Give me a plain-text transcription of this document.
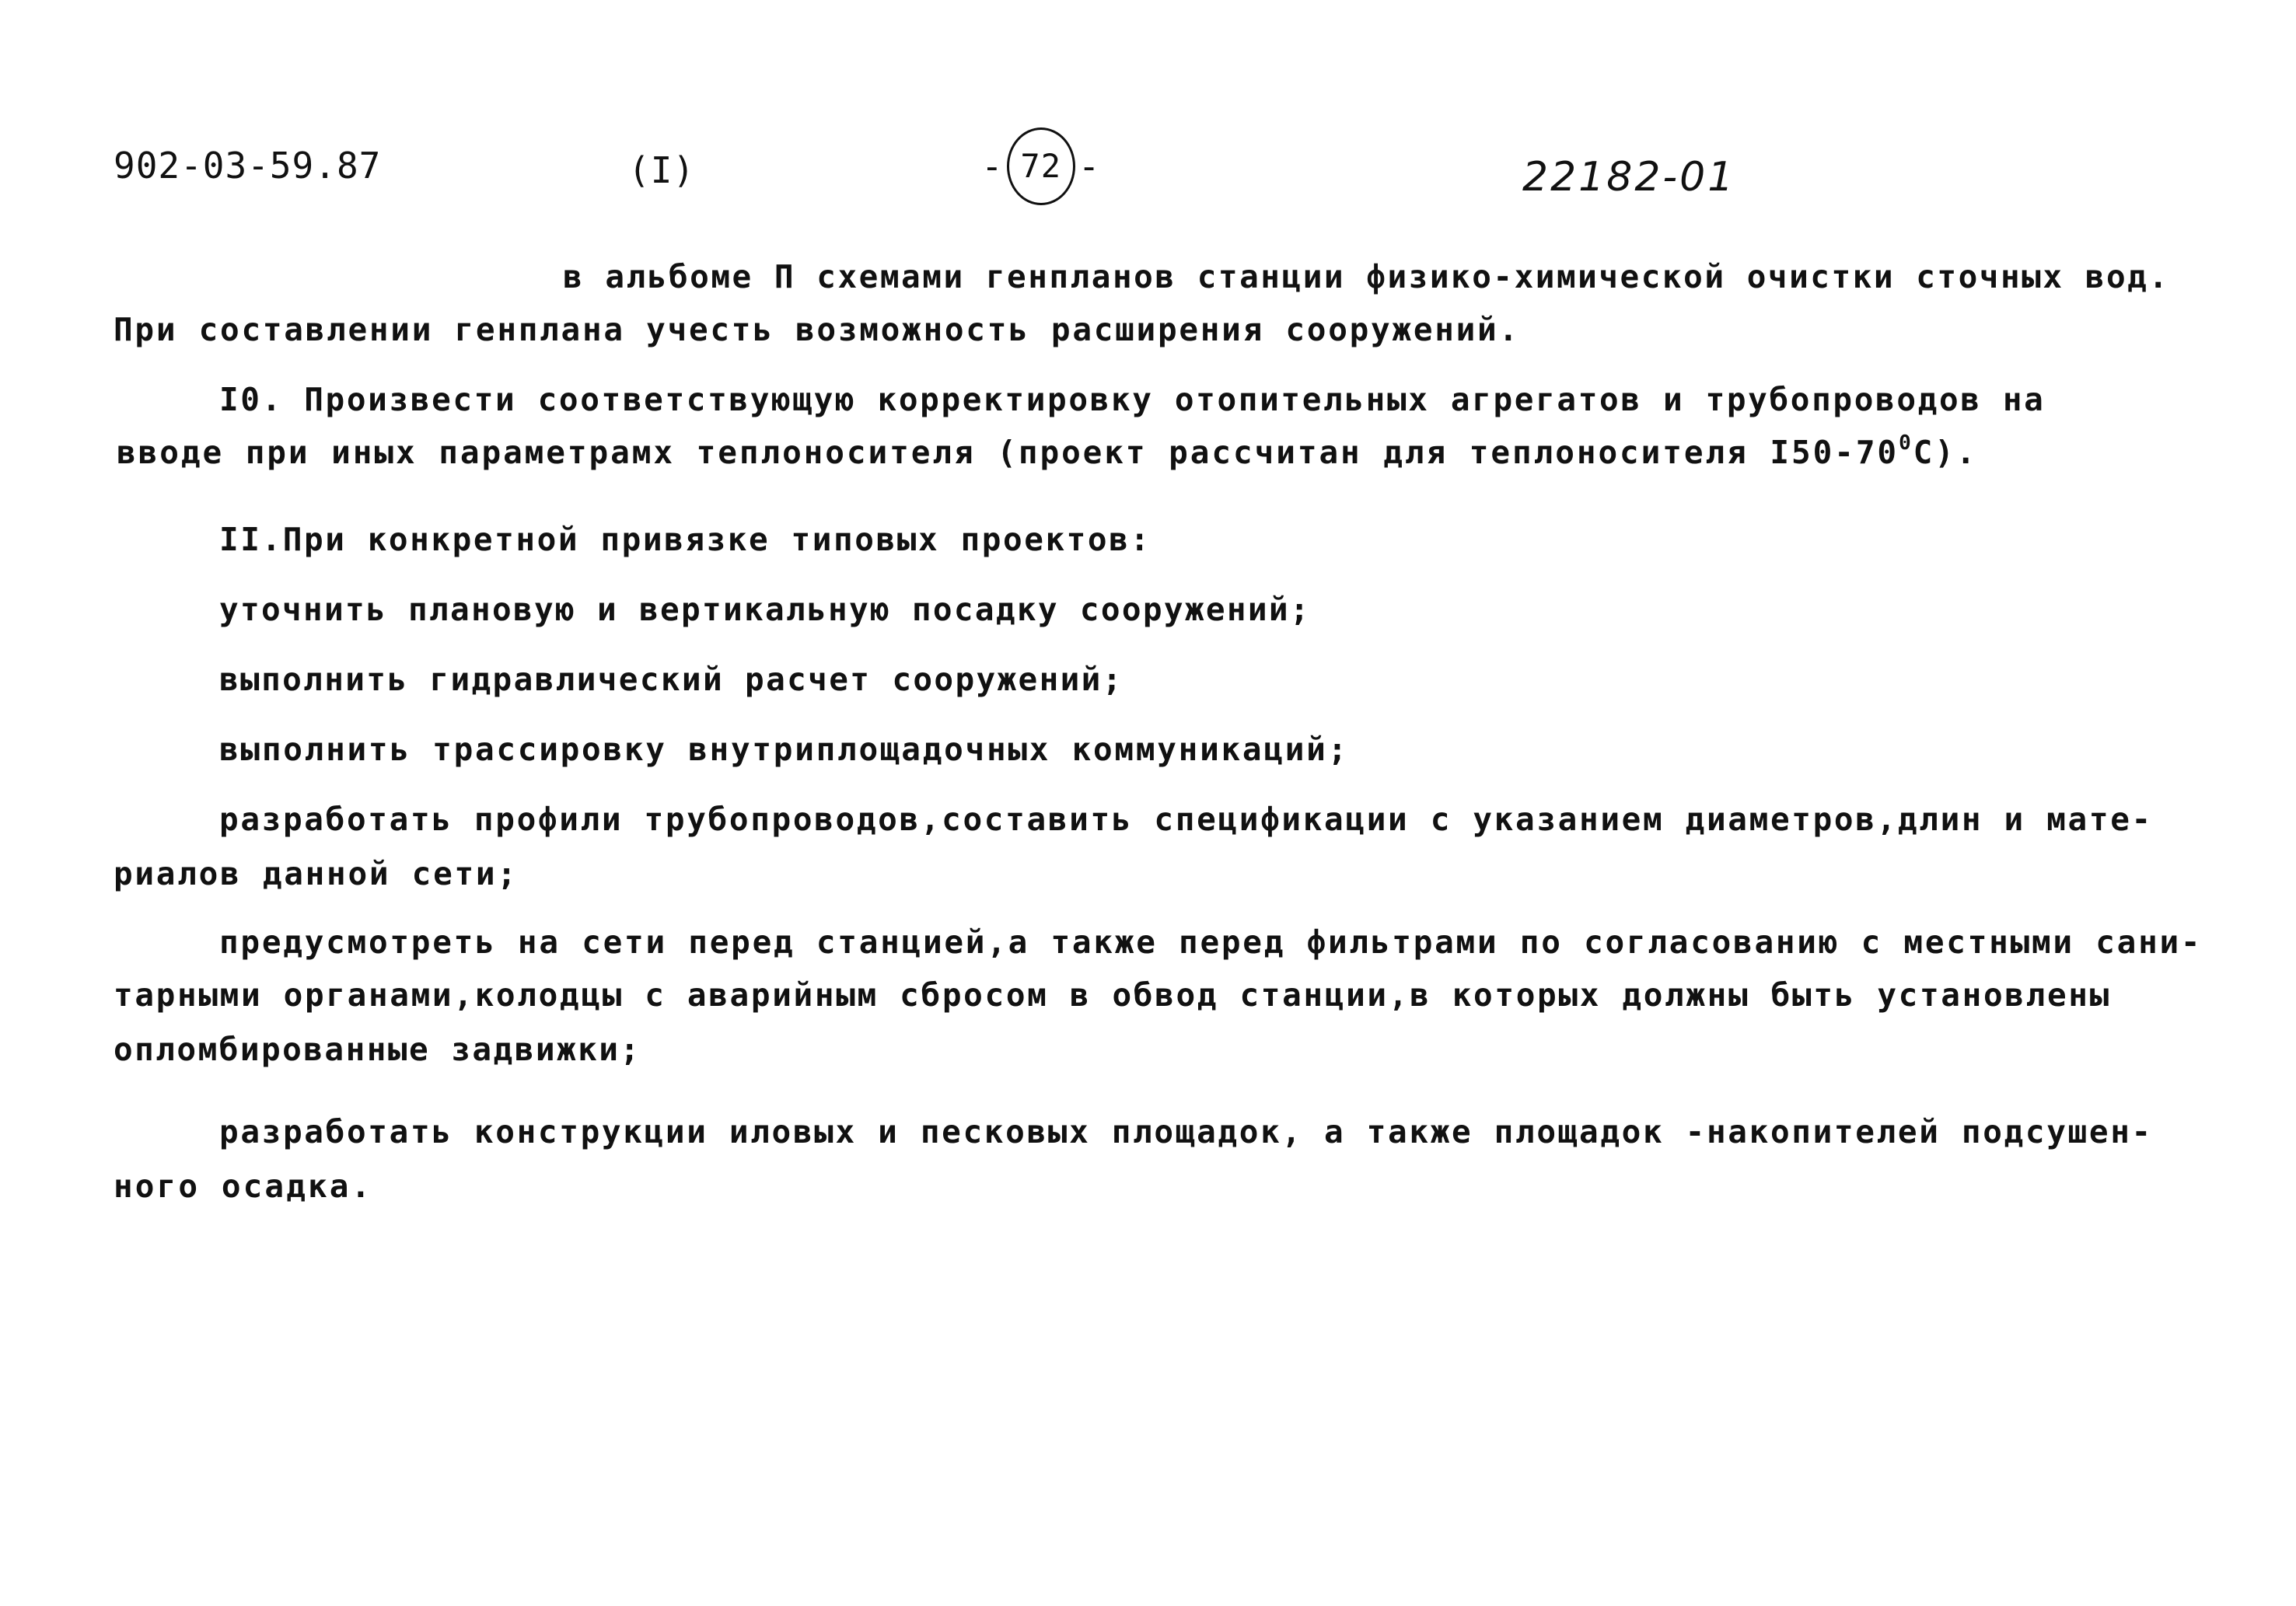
902-03-59.87	(I)	- 72 -	22182-01
в альбоме П схемами генпланов станции физико-химической очистки сточных вод.
При составлении генплана учесть возможность расширения сооружений.
I0. Произвести соответствующую корректировку отопительных агрегатов и трубопроводов на
вводе при иных параметрамх теплоносителя (проект рассчитан для теплоносителя $I50-70^0С$).
II.При конкретной привязке типовых проектов:
уточнить плановую и вертикальную посадку сооружений;
выполнить гидравлический расчет сооружений;
выполнить трассировку внутриплощадочных коммуникаций;
разработать профили трубопроводов,составить спецификации с указанием диаметров,длин и мате-
риалов данной сети;
предусмотреть на сети перед станцией,а также перед фильтрами по согласованию с местными сани-
тарными органами,колодцы с аварийным сбросом в обвод станции,в которых должны быть установлены
опломбированные задвижки;
разработать конструкции иловых и песковых площадок, а также площадок -накопителей подсушен-
ного осадка.
